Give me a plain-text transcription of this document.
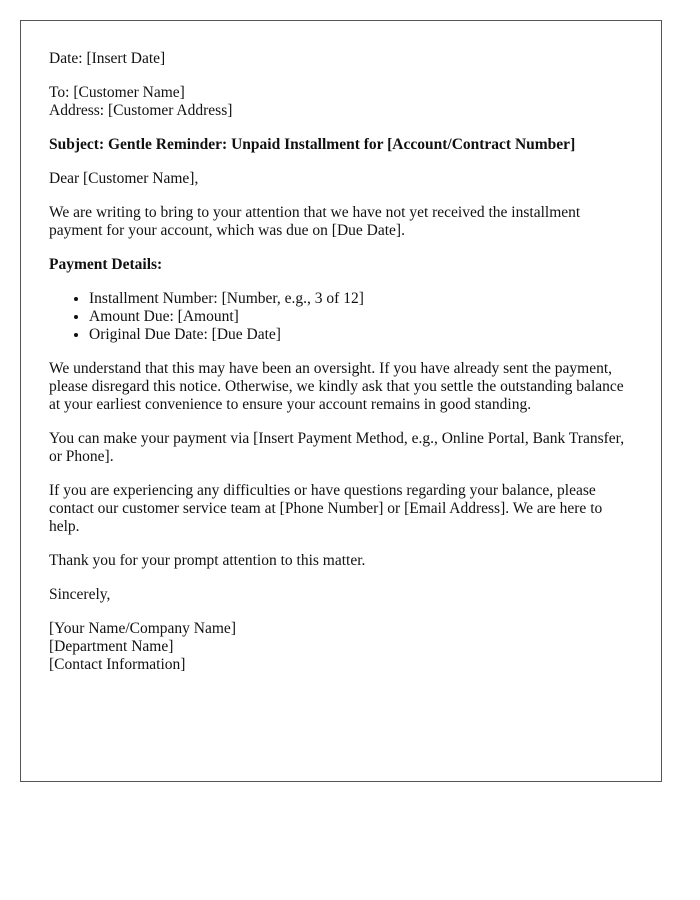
Date: [Insert Date]

To: [Customer Name]
Address: [Customer Address]

Subject: Gentle Reminder: Unpaid Installment for [Account/Contract Number]

Dear [Customer Name],

We are writing to bring to your attention that we have not yet received the installment payment for your account, which was due on [Due Date].

Payment Details:

• Installment Number: [Number, e.g., 3 of 12]
• Amount Due: [Amount]
• Original Due Date: [Due Date]

We understand that this may have been an oversight. If you have already sent the payment, please disregard this notice. Otherwise, we kindly ask that you settle the outstanding balance at your earliest convenience to ensure your account remains in good standing.

You can make your payment via [Insert Payment Method, e.g., Online Portal, Bank Transfer, or Phone].

If you are experiencing any difficulties or have questions regarding your balance, please contact our customer service team at [Phone Number] or [Email Address]. We are here to help.

Thank you for your prompt attention to this matter.

Sincerely,

[Your Name/Company Name]
[Department Name]
[Contact Information]
